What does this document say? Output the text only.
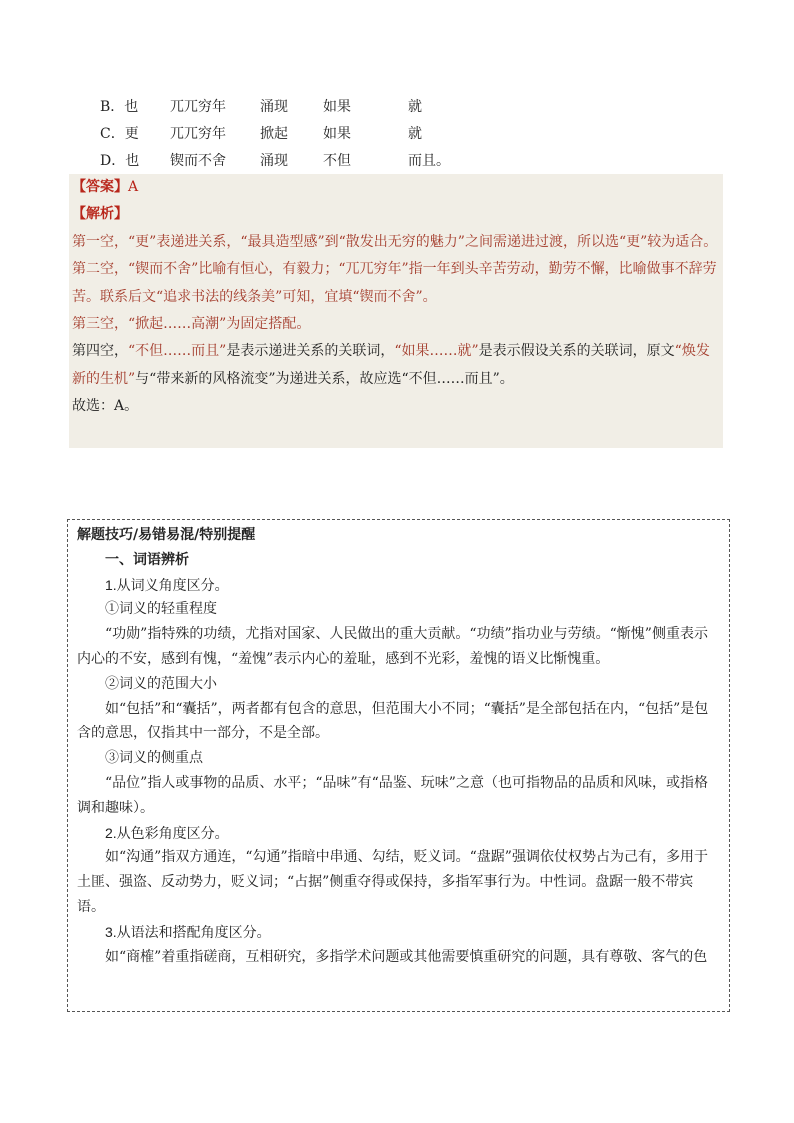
B．也	兀兀穷年	涌现	如果	就
C．更	兀兀穷年	掀起	如果	就
D．也	锲而不舍	涌现	不但	而且。

【答案】A

【解析】

第一空，“更”表递进关系，“最具造型感”到“散发出无穷的魅力”之间需递进过渡，所以选“更”较为适合。

第二空，“锲而不舍”比喻有恒心，有毅力；“兀兀穷年”指一年到头辛苦劳动，勤劳不懈，比喻做事不辞劳苦。联系后文“追求书法的线条美”可知，宜填“锲而不舍”。

第三空，“掀起……高潮”为固定搭配。

第四空，“不但……而且”是表示递进关系的关联词，“如果……就”是表示假设关系的关联词，原文“焕发新的生机”与“带来新的风格流变”为递进关系，故应选“不但……而且”。

故选：A。

解题技巧/易错易混/特别提醒

一、词语辨析

1.从词义角度区分。

①词义的轻重程度

“功勋”指特殊的功绩，尤指对国家、人民做出的重大贡献。“功绩”指功业与劳绩。“惭愧”侧重表示内心的不安，感到有愧，“羞愧”表示内心的羞耻，感到不光彩，羞愧的语义比惭愧重。

②词义的范围大小

如“包括”和“囊括”，两者都有包含的意思，但范围大小不同；“囊括”是全部包括在内，“包括”是包含的意思，仅指其中一部分，不是全部。

③词义的侧重点

“品位”指人或事物的品质、水平；“品味”有“品鉴、玩味”之意（也可指物品的品质和风味，或指格调和趣味）。

2.从色彩角度区分。

如“沟通”指双方通连，“勾通”指暗中串通、勾结，贬义词。“盘踞”强调依仗权势占为己有，多用于土匪、强盗、反动势力，贬义词；“占据”侧重夺得或保持，多指军事行为。中性词。盘踞一般不带宾语。

3.从语法和搭配角度区分。

如“商榷”着重指磋商，互相研究，多指学术问题或其他需要慎重研究的问题，具有尊敬、客气的色
